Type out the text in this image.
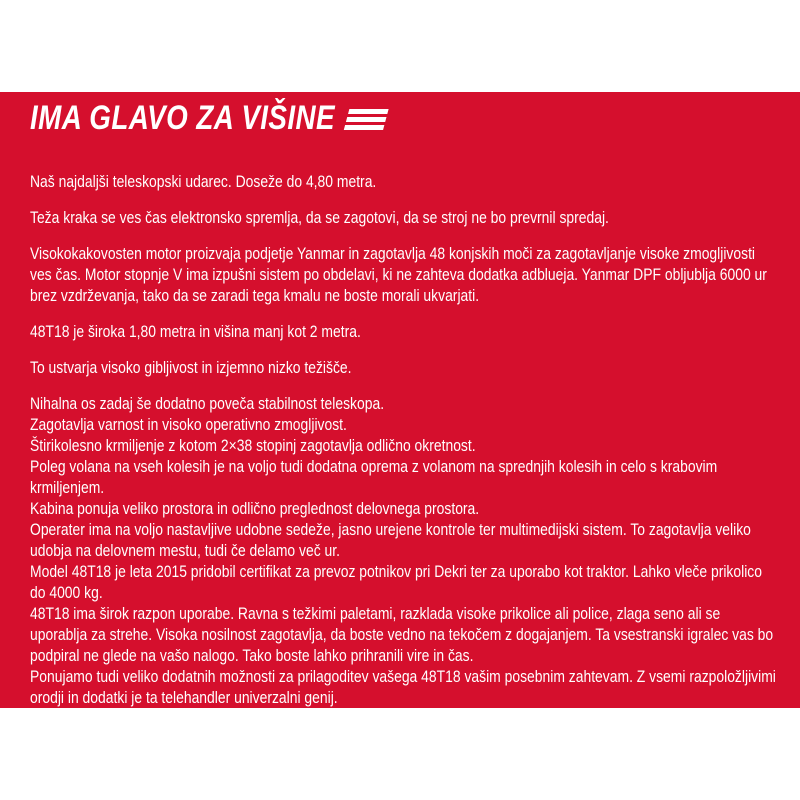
IMA GLAVO ZA VIŠINE

Naš najdaljši teleskopski udarec. Doseže do 4,80 metra.

Teža kraka se ves čas elektronsko spremlja, da se zagotovi, da se stroj ne bo prevrnil spredaj.

Visokokakovosten motor proizvaja podjetje Yanmar in zagotavlja 48 konjskih moči za zagotavljanje visoke zmogljivosti ves čas. Motor stopnje V ima izpušni sistem po obdelavi, ki ne zahteva dodatka adblueja. Yanmar DPF obljublja 6000 ur brez vzdrževanja, tako da se zaradi tega kmalu ne boste morali ukvarjati.

48T18 je široka 1,80 metra in višina manj kot 2 metra.

To ustvarja visoko gibljivost in izjemno nizko težišče.

Nihalna os zadaj še dodatno poveča stabilnost teleskopa.
Zagotavlja varnost in visoko operativno zmogljivost.
Štirikolesno krmiljenje z kotom 2×38 stopinj zagotavlja odlično okretnost.
Poleg volana na vseh kolesih je na voljo tudi dodatna oprema z volanom na sprednjih kolesih in celo s krabovim krmiljenjem.
Kabina ponuja veliko prostora in odlično preglednost delovnega prostora.
Operater ima na voljo nastavljive udobne sedeže, jasno urejene kontrole ter multimedijski sistem. To zagotavlja veliko udobja na delovnem mestu, tudi če delamo več ur.
Model 48T18 je leta 2015 pridobil certifikat za prevoz potnikov pri Dekri ter za uporabo kot traktor. Lahko vleče prikolico do 4000 kg.
48T18 ima širok razpon uporabe. Ravna s težkimi paletami, razklada visoke prikolice ali police, zlaga seno ali se uporablja za strehe. Visoka nosilnost zagotavlja, da boste vedno na tekočem z dogajanjem. Ta vsestranski igralec vas bo podpiral ne glede na vašo nalogo. Tako boste lahko prihranili vire in čas.
Ponujamo tudi veliko dodatnih možnosti za prilagoditev vašega 48T18 vašim posebnim zahtevam. Z vsemi razpoložljivimi orodji in dodatki je ta telehandler univerzalni genij.
